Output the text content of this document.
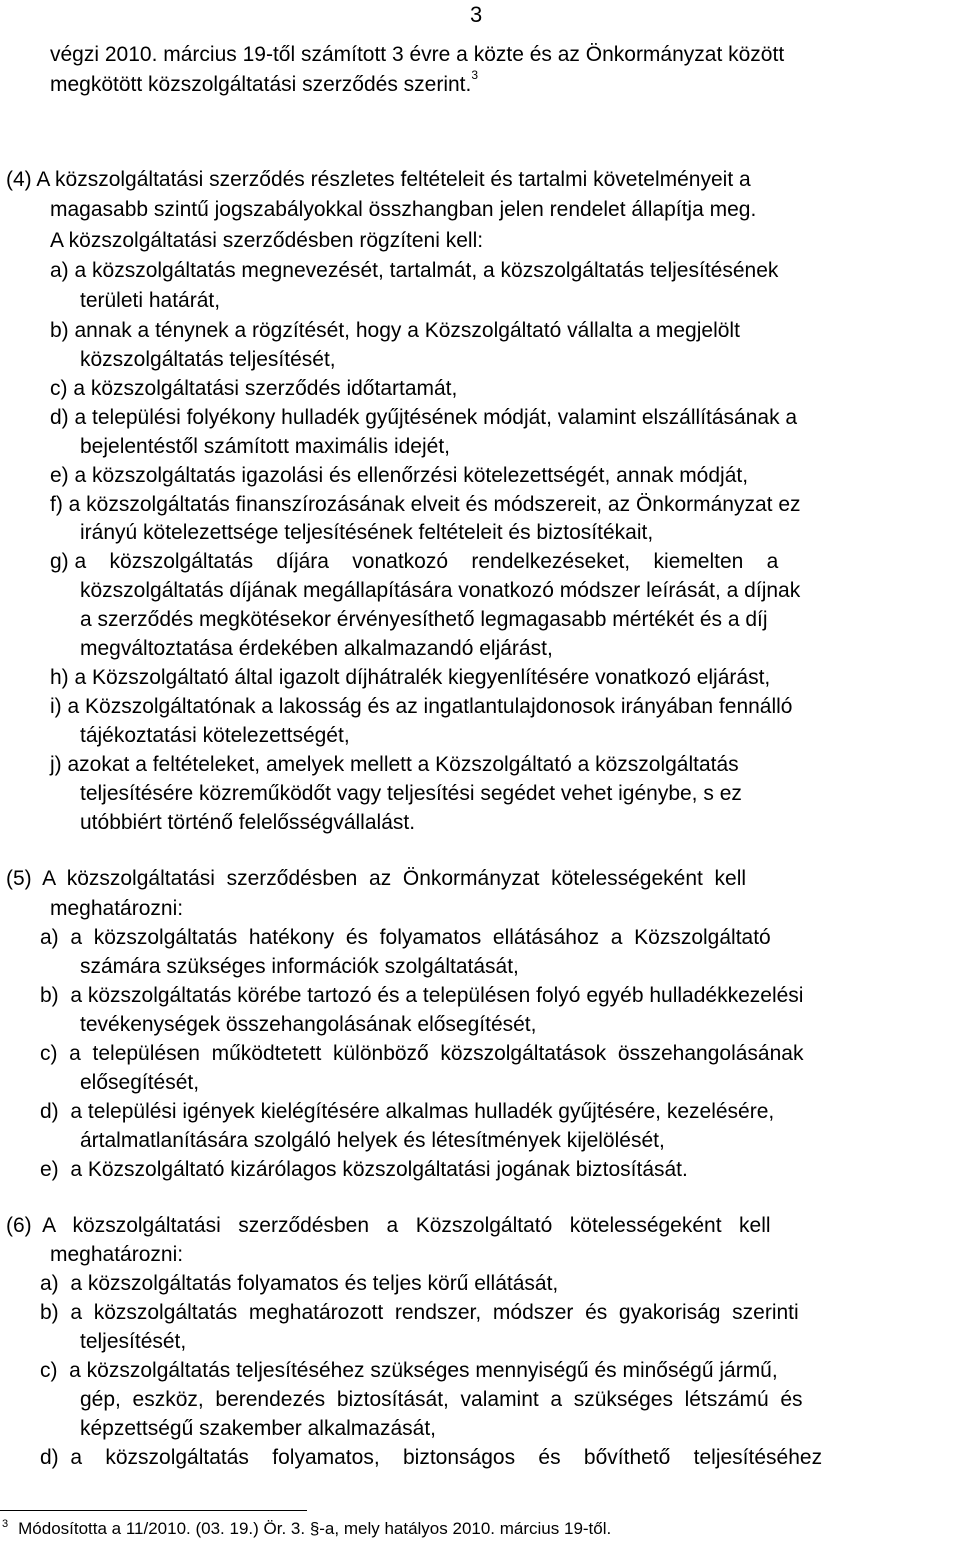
3
végzi 2010. március 19-től számított 3 évre a közte és az Önkormányzat között
megkötött közszolgáltatási szerződés szerint.$^3$
(4) A közszolgáltatási szerződés részletes feltételeit és tartalmi követelményeit a
magasabb szintű jogszabályokkal összhangban jelen rendelet állapítja meg.
A közszolgáltatási szerződésben rögzíteni kell:
a) a közszolgáltatás megnevezését, tartalmát, a közszolgáltatás teljesítésének
területi határát,
b) annak a ténynek a rögzítését, hogy a Közszolgáltató vállalta a megjelölt
közszolgáltatás teljesítését,
c) a közszolgáltatási szerződés időtartamát,
d) a települési folyékony hulladék gyűjtésének módját, valamint elszállításának a
bejelentéstől számított maximális idejét,
e) a közszolgáltatás igazolási és ellenőrzési kötelezettségét, annak módját,
f) a közszolgáltatás finanszírozásának elveit és módszereit, az Önkormányzat ez
irányú kötelezettsége teljesítésének feltételeit és biztosítékait,
g) a    közszolgáltatás    díjára    vonatkozó    rendelkezéseket,    kiemelten    a
közszolgáltatás díjának megállapítására vonatkozó módszer leírását, a díjnak
a szerződés megkötésekor érvényesíthető legmagasabb mértékét és a díj
megváltoztatása érdekében alkalmazandó eljárást,
h) a Közszolgáltató által igazolt díjhátralék kiegyenlítésére vonatkozó eljárást,
i) a Közszolgáltatónak a lakosság és az ingatlantulajdonosok irányában fennálló
tájékoztatási kötelezettségét,
j) azokat a feltételeket, amelyek mellett a Közszolgáltató a közszolgáltatás
teljesítésére közreműködőt vagy teljesítési segédet vehet igénybe, s ez
utóbbiért történő felelősségvállalást.
(5)  A  közszolgáltatási  szerződésben  az  Önkormányzat  kötelességeként  kell
meghatározni:
a)  a  közszolgáltatás  hatékony  és  folyamatos  ellátásához  a  Közszolgáltató
számára szükséges információk szolgáltatását,
b)  a közszolgáltatás körébe tartozó és a településen folyó egyéb hulladékkezelési
tevékenységek összehangolásának elősegítését,
c)  a  településen  működtetett  különböző  közszolgáltatások  összehangolásának
elősegítését,
d)  a települési igények kielégítésére alkalmas hulladék gyűjtésére, kezelésére,
ártalmatlanítására szolgáló helyek és létesítmények kijelölését,
e)  a Közszolgáltató kizárólagos közszolgáltatási jogának biztosítását.
(6)  A   közszolgáltatási   szerződésben   a   Közszolgáltató   kötelességeként   kell
meghatározni:
a)  a közszolgáltatás folyamatos és teljes körű ellátását,
b)  a  közszolgáltatás  meghatározott  rendszer,  módszer  és  gyakoriság  szerinti
teljesítését,
c)  a közszolgáltatás teljesítéséhez szükséges mennyiségű és minőségű jármű,
gép,  eszköz,  berendezés  biztosítását,  valamint  a  szükséges  létszámú  és
képzettségű szakember alkalmazását,
d)  a    közszolgáltatás    folyamatos,    biztonságos    és    bővíthető    teljesítéséhez
$^3$ Módosította a 11/2010. (03. 19.) Ör. 3. §-a, mely hatályos 2010. március 19-től.
